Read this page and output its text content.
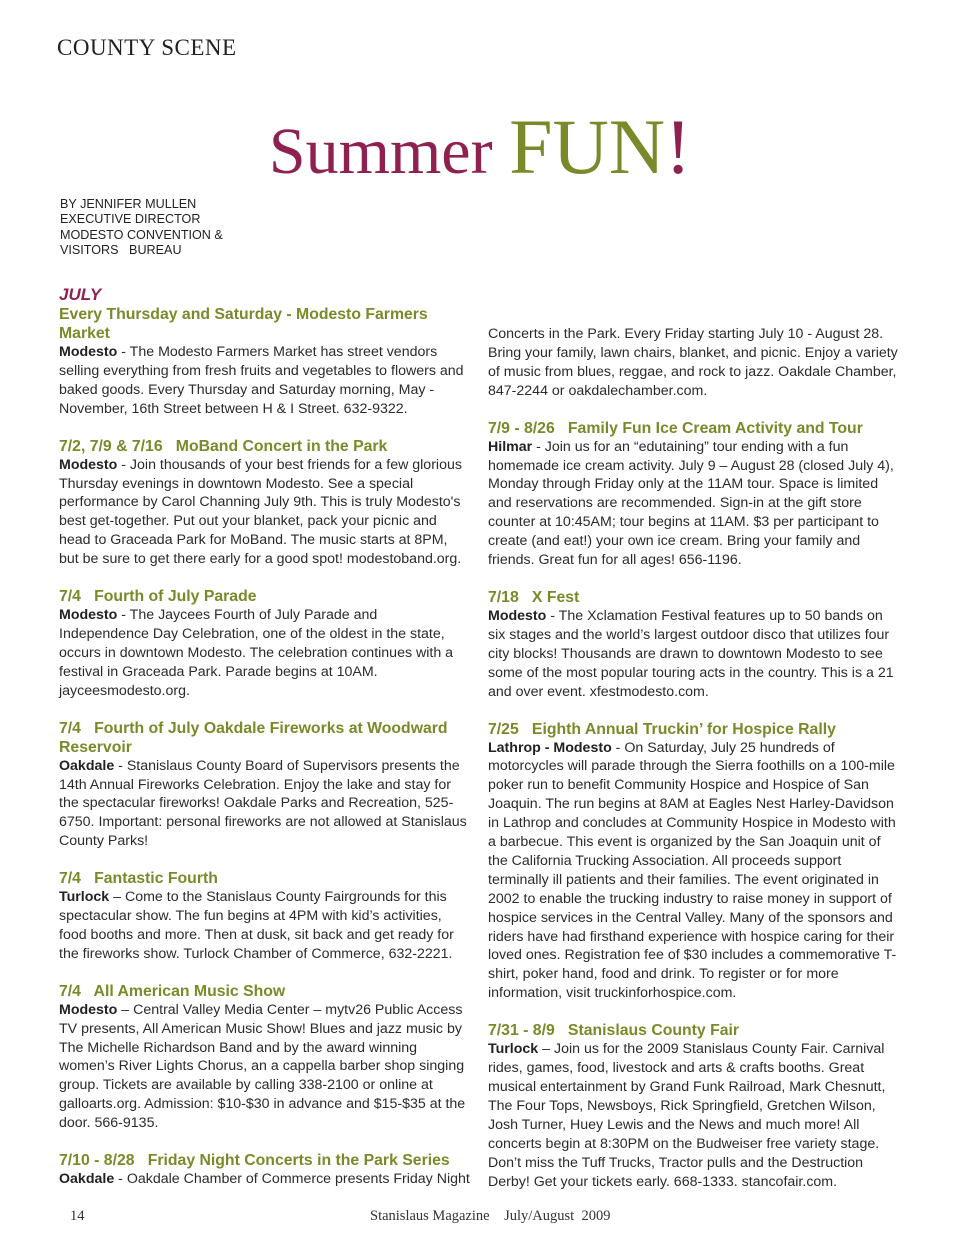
COUNTY SCENE
Summer FUN!
BY JENNIFER MULLEN
EXECUTIVE DIRECTOR
MODESTO CONVENTION &
VISITORS   BUREAU

JULY

Every Thursday and Saturday - Modesto Farmers Market

Modesto - The Modesto Farmers Market has street vendors selling everything from fresh fruits and vegetables to flowers and baked goods. Every Thursday and Saturday morning, May - November, 16th Street between H & I Street. 632-9322.

7/2, 7/9 & 7/16   MoBand Concert in the Park

Modesto - Join thousands of your best friends for a few glorious Thursday evenings in downtown Modesto. See a special performance by Carol Channing July 9th. This is truly Modesto's best get-together. Put out your blanket, pack your picnic and head to Graceada Park for MoBand. The music starts at 8PM, but be sure to get there early for a good spot! modestoband.org.

7/4   Fourth of July Parade

Modesto - The Jaycees Fourth of July Parade and Independence Day Celebration, one of the oldest in the state, occurs in downtown Modesto. The celebration continues with a festival in Graceada Park. Parade begins at 10AM. jayceesmodesto.org.

7/4   Fourth of July Oakdale Fireworks at Woodward Reservoir

Oakdale - Stanislaus County Board of Supervisors presents the 14th Annual Fireworks Celebration. Enjoy the lake and stay for the spectacular fireworks! Oakdale Parks and Recreation, 525-6750. Important: personal fireworks are not allowed at Stanislaus County Parks!

7/4   Fantastic Fourth

Turlock – Come to the Stanislaus County Fairgrounds for this spectacular show. The fun begins at 4PM with kid’s activities, food booths and more. Then at dusk, sit back and get ready for the fireworks show. Turlock Chamber of Commerce, 632-2221.

7/4   All American Music Show

Modesto – Central Valley Media Center – mytv26 Public Access TV presents, All American Music Show! Blues and jazz music by The Michelle Richardson Band and by the award winning women’s River Lights Chorus, an a cappella barber shop singing group. Tickets are available by calling 338-2100 or online at galloarts.org. Admission: $10-$30 in advance and $15-$35 at the door. 566-9135.

7/10 - 8/28   Friday Night Concerts in the Park Series

Oakdale - Oakdale Chamber of Commerce presents Friday Night

Concerts in the Park. Every Friday starting July 10 - August 28. Bring your family, lawn chairs, blanket, and picnic. Enjoy a variety of music from blues, reggae, and rock to jazz. Oakdale Chamber, 847-2244 or oakdalechamber.com.

7/9 - 8/26   Family Fun Ice Cream Activity and Tour

Hilmar - Join us for an “edutaining” tour ending with a fun homemade ice cream activity. July 9 – August 28 (closed July 4), Monday through Friday only at the 11AM tour. Space is limited and reservations are recommended. Sign-in at the gift store counter at 10:45AM; tour begins at 11AM. $3 per participant to create (and eat!) your own ice cream. Bring your family and friends. Great fun for all ages! 656-1196.

7/18   X Fest

Modesto - The Xclamation Festival features up to 50 bands on six stages and the world’s largest outdoor disco that utilizes four city blocks! Thousands are drawn to downtown Modesto to see some of the most popular touring acts in the country. This is a 21 and over event. xfestmodesto.com.

7/25   Eighth Annual Truckin’ for Hospice Rally

Lathrop - Modesto - On Saturday, July 25 hundreds of motorcycles will parade through the Sierra foothills on a 100-mile poker run to benefit Community Hospice and Hospice of San Joaquin. The run begins at 8AM at Eagles Nest Harley-Davidson in Lathrop and concludes at Community Hospice in Modesto with a barbecue. This event is organized by the San Joaquin unit of the California Trucking Association. All proceeds support terminally ill patients and their families. The event originated in 2002 to enable the trucking industry to raise money in support of hospice services in the Central Valley. Many of the sponsors and riders have had firsthand experience with hospice caring for their loved ones. Registration fee of $30 includes a commemorative T-shirt, poker hand, food and drink. To register or for more information, visit truckinforhospice.com.

7/31 - 8/9   Stanislaus County Fair

Turlock – Join us for the 2009 Stanislaus County Fair. Carnival rides, games, food, livestock and arts & crafts booths. Great musical entertainment by Grand Funk Railroad, Mark Chesnutt, The Four Tops, Newsboys, Rick Springfield, Gretchen Wilson, Josh Turner, Huey Lewis and the News and much more! All concerts begin at 8:30PM on the Budweiser free variety stage. Don’t miss the Tuff Trucks, Tractor pulls and the Destruction Derby! Get your tickets early. 668-1333. stancofair.com.

14	Stanislaus Magazine    July/August  2009
